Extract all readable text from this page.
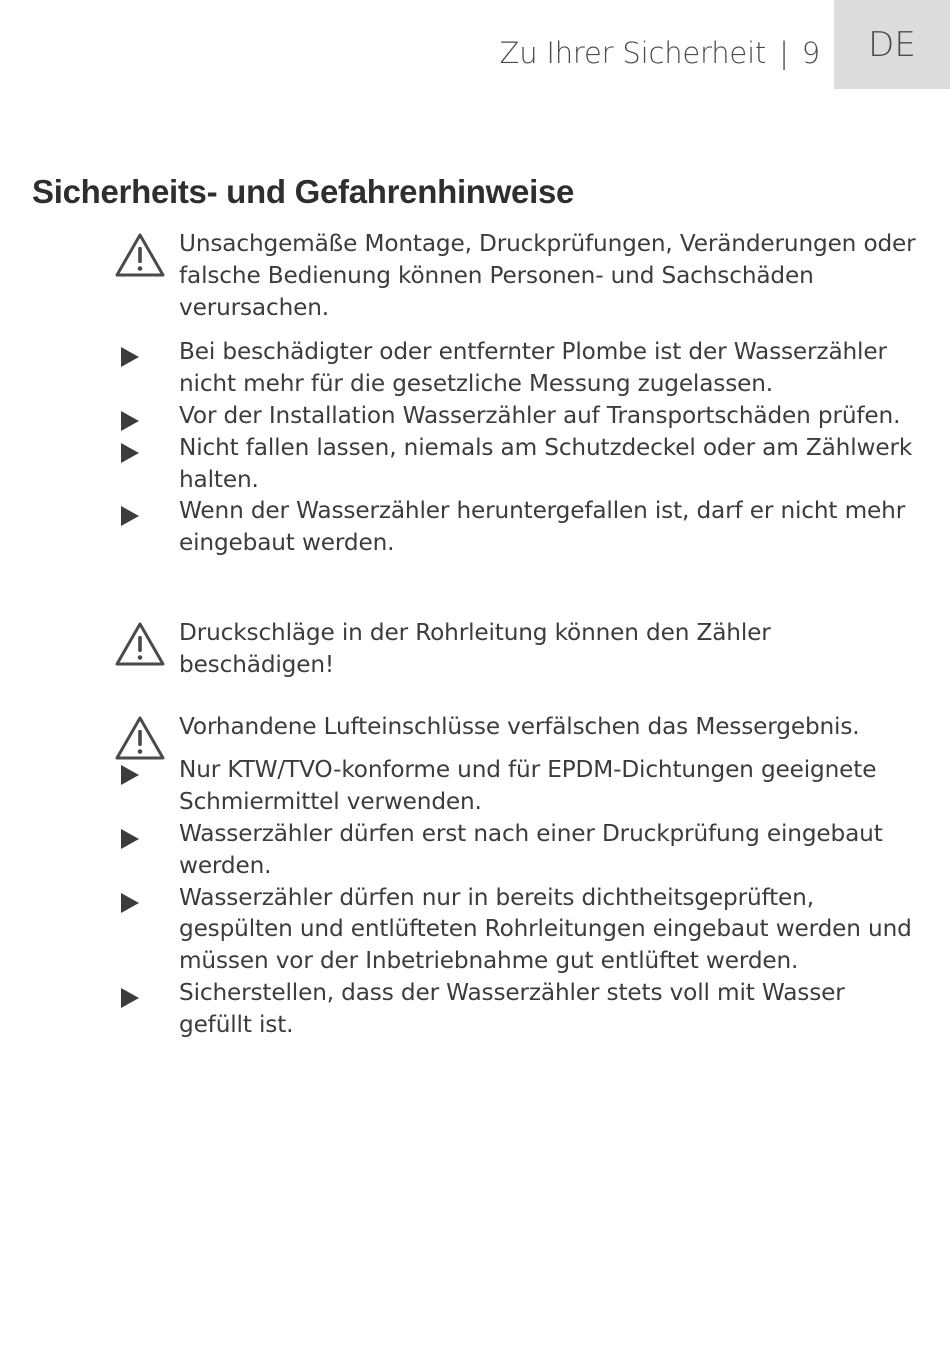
Zu Ihrer Sicherheit | 9 DE
Sicherheits- und Gefahrenhinweise
Unsachgemäße Montage, Druckprüfungen, Veränderungen oder falsche Bedienung können Personen- und Sachschäden verursachen.
Bei beschädigter oder entfernter Plombe ist der Wasserzähler nicht mehr für die gesetzliche Messung zugelassen.
Vor der Installation Wasserzähler auf Transportschäden prüfen.
Nicht fallen lassen, niemals am Schutzdeckel oder am Zählwerk halten.
Wenn der Wasserzähler heruntergefallen ist, darf er nicht mehr eingebaut werden.
Druckschläge in der Rohrleitung können den Zähler beschädigen!
Vorhandene Lufteinschlüsse verfälschen das Messergebnis.
Nur KTW/TVO-konforme und für EPDM-Dichtungen geeignete Schmiermittel verwenden.
Wasserzähler dürfen erst nach einer Druckprüfung eingebaut werden.
Wasserzähler dürfen nur in bereits dichtheitsgeprüften, gespülten und entlüfteten Rohrleitungen eingebaut werden und müssen vor der Inbetriebnahme gut entlüftet werden.
Sicherstellen, dass der Wasserzähler stets voll mit Wasser gefüllt ist.
